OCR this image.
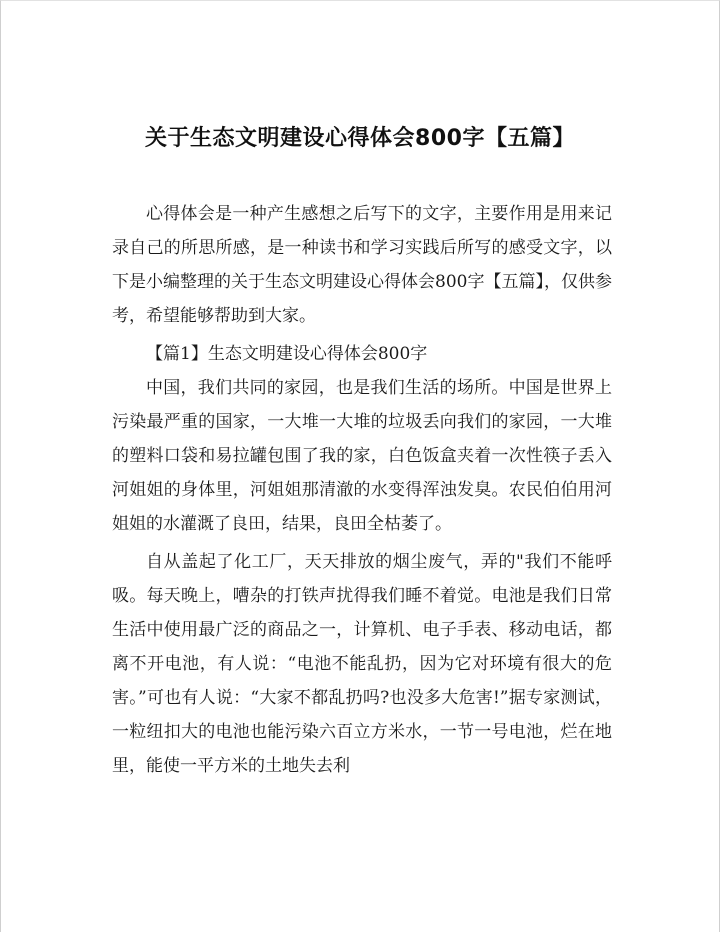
关于生态文明建设心得体会800字【五篇】

心得体会是一种产生感想之后写下的文字，主要作用是用来记录自己的所思所感，是一种读书和学习实践后所写的感受文字，以下是小编整理的关于生态文明建设心得体会800字【五篇】，仅供参考，希望能够帮助到大家。

【篇1】生态文明建设心得体会800字

中国，我们共同的家园，也是我们生活的场所。中国是世界上污染最严重的国家，一大堆一大堆的垃圾丢向我们的家园，一大堆的塑料口袋和易拉罐包围了我的家，白色饭盒夹着一次性筷子丢入河姐姐的身体里，河姐姐那清澈的水变得浑浊发臭。农民伯伯用河姐姐的水灌溉了良田，结果，良田全枯萎了。

自从盖起了化工厂，天天排放的烟尘废气，弄的"我们不能呼吸。每天晚上，嘈杂的打铁声扰得我们睡不着觉。电池是我们日常生活中使用最广泛的商品之一，计算机、电子手表、移动电话，都离不开电池，有人说：“电池不能乱扔，因为它对环境有很大的危害。”可也有人说：“大家不都乱扔吗?也没多大危害!”据专家测试，一粒纽扣大的电池也能污染六百立方米水，一节一号电池，烂在地里，能使一平方米的土地失去利
